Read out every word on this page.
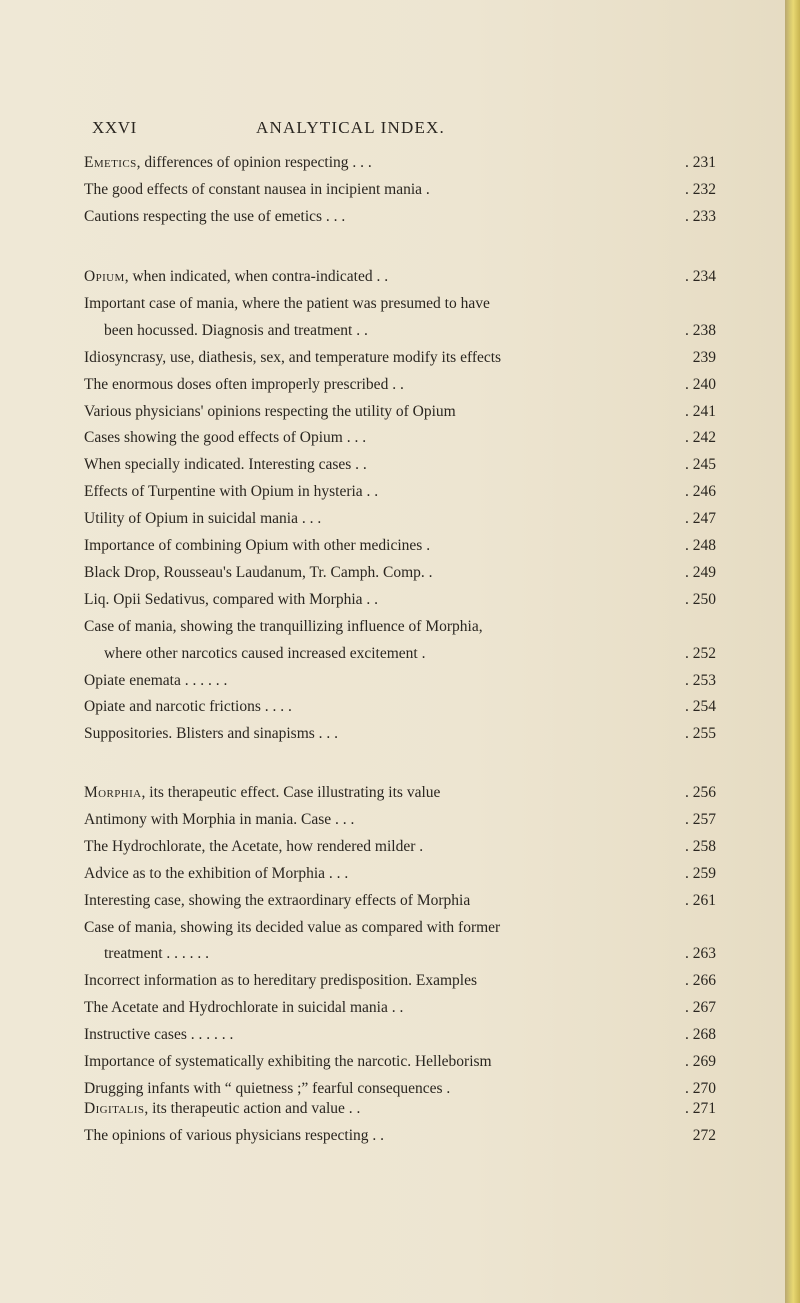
XXVI	ANALYTICAL INDEX.
Emetics, differences of opinion respecting . . .	. 231
The good effects of constant nausea in incipient mania .	. 232
Cautions respecting the use of emetics . . .	. 233
Opium, when indicated, when contra-indicated . .	. 234
Important case of mania, where the patient was presumed to have
been hocussed. Diagnosis and treatment . .	. 238
Idiosyncrasy, use, diathesis, sex, and temperature modify its effects	239
The enormous doses often improperly prescribed . .	. 240
Various physicians' opinions respecting the utility of Opium	. 241
Cases showing the good effects of Opium . . .	. 242
When specially indicated. Interesting cases . .	. 245
Effects of Turpentine with Opium in hysteria . .	. 246
Utility of Opium in suicidal mania . . .	. 247
Importance of combining Opium with other medicines .	. 248
Black Drop, Rousseau's Laudanum, Tr. Camph. Comp. .	. 249
Liq. Opii Sedativus, compared with Morphia . .	. 250
Case of mania, showing the tranquillizing influence of Morphia,
where other narcotics caused increased excitement .	. 252
Opiate enemata . . . . . .	. 253
Opiate and narcotic frictions . . . .	. 254
Suppositories. Blisters and sinapisms . . .	. 255
Morphia, its therapeutic effect. Case illustrating its value	. 256
Antimony with Morphia in mania. Case . . .	. 257
The Hydrochlorate, the Acetate, how rendered milder .	. 258
Advice as to the exhibition of Morphia . . .	. 259
Interesting case, showing the extraordinary effects of Morphia	. 261
Case of mania, showing its decided value as compared with former
treatment . . . . . .	. 263
Incorrect information as to hereditary predisposition. Examples	. 266
The Acetate and Hydrochlorate in suicidal mania . .	. 267
Instructive cases . . . . . .	. 268
Importance of systematically exhibiting the narcotic. Helleborism	. 269
Drugging infants with “ quietness ;” fearful consequences .	. 270
Digitalis, its therapeutic action and value . .	. 271
The opinions of various physicians respecting . .	272
